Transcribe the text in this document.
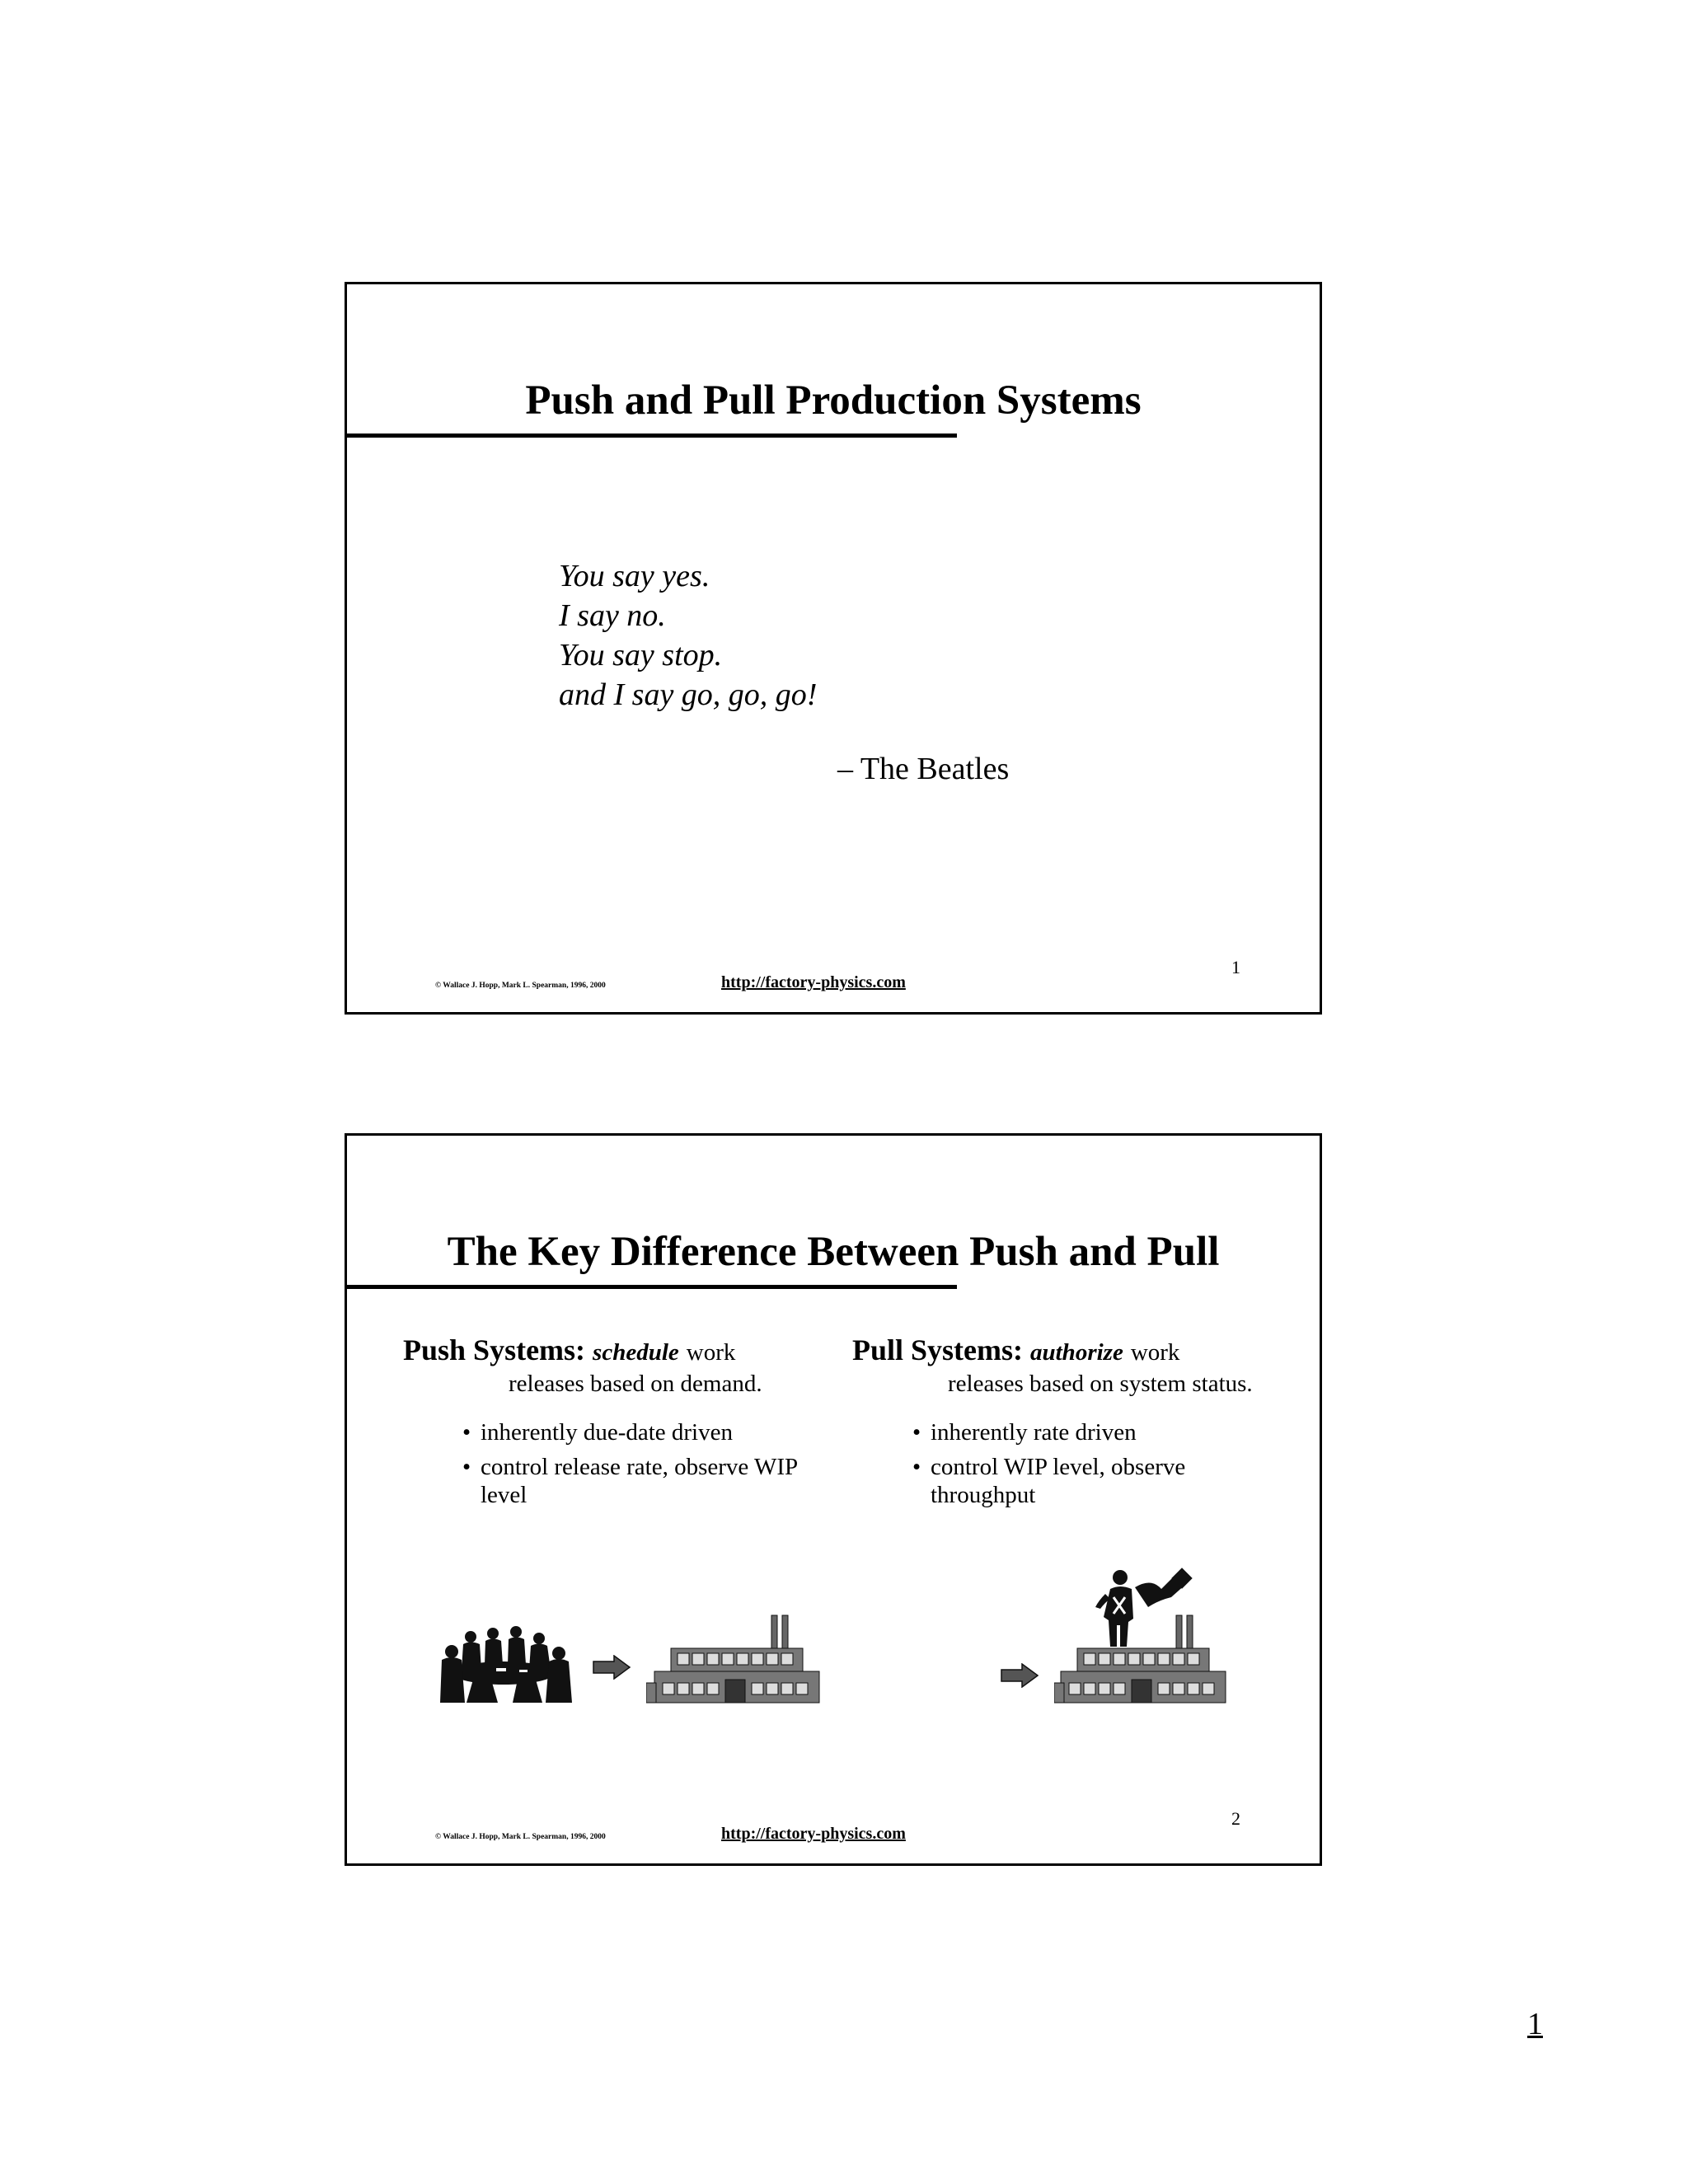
Push and Pull Production Systems
You say yes.
I say no.
You say stop.
and I say go, go, go!
– The Beatles
© Wallace J. Hopp, Mark L. Spearman, 1996, 2000	http://factory-physics.com
1
The Key Difference Between Push and Pull
Push Systems: schedule work
releases based on demand.
• inherently due-date driven
• control release rate, observe WIP level
Pull Systems: authorize work
releases based on system status.
• inherently rate driven
• control WIP level, observe throughput
© Wallace J. Hopp, Mark L. Spearman, 1996, 2000	http://factory-physics.com
2
1
